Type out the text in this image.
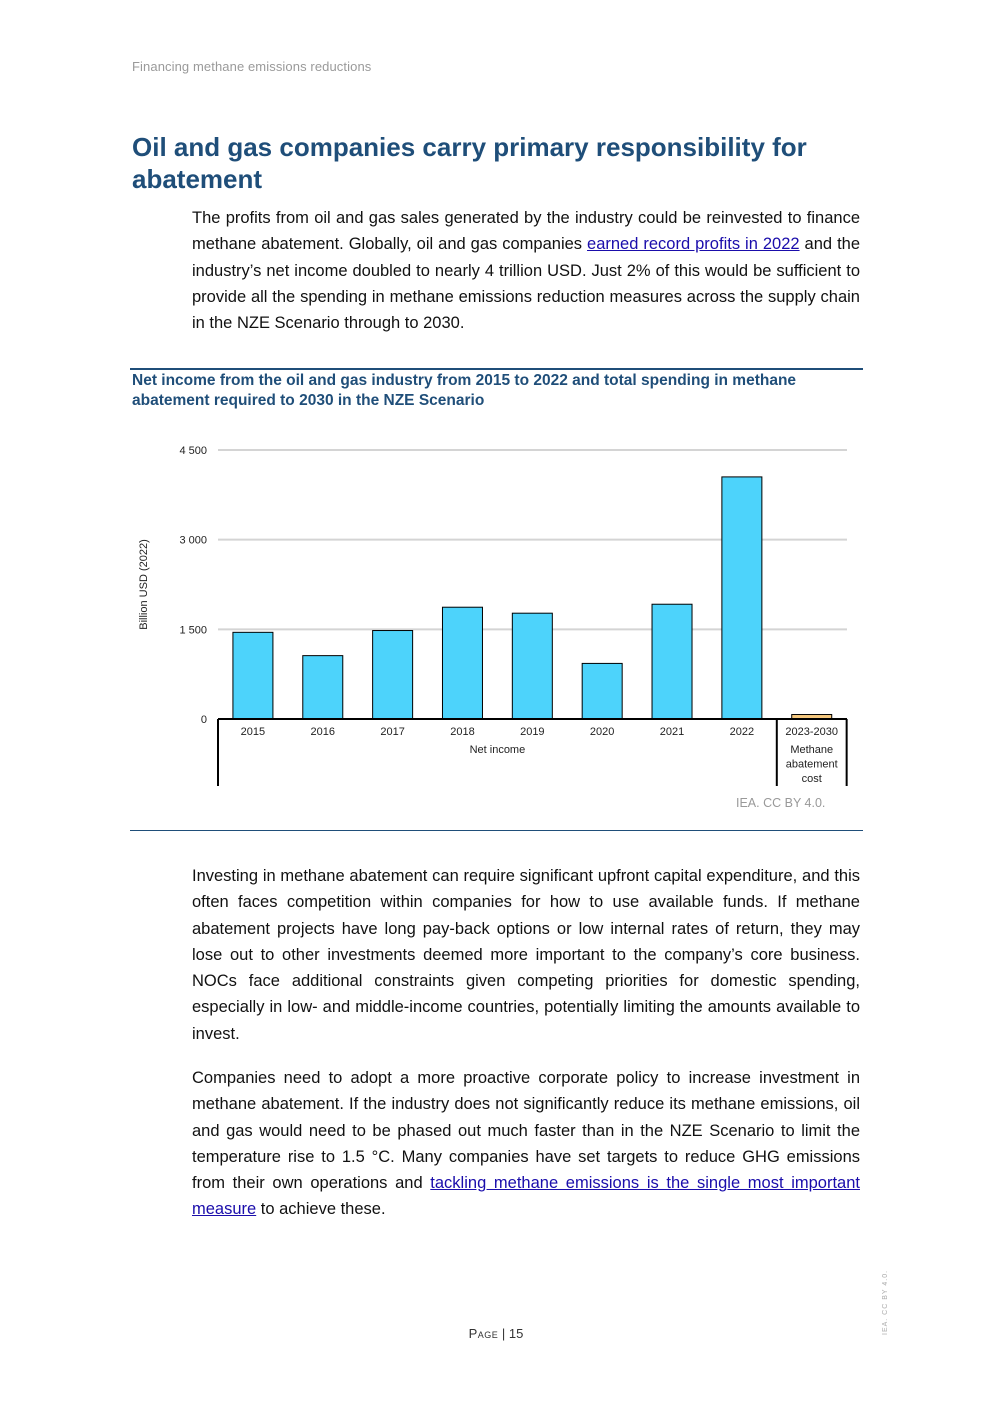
Financing methane emissions reductions
Oil and gas companies carry primary responsibility for abatement

The profits from oil and gas sales generated by the industry could be reinvested to finance methane abatement. Globally, oil and gas companies earned record profits in 2022 and the industry’s net income doubled to nearly 4 trillion USD. Just 2% of this would be sufficient to provide all the spending in methane emissions reduction measures across the supply chain in the NZE Scenario through to 2030.

Net income from the oil and gas industry from 2015 to 2022 and total spending in methane abatement required to 2030 in the NZE Scenario
0
1 500
3 000
4 500
Billion USD (2022)
2015	2016	2017	2018	2019	2020	2021	2022	2023-2030
Net income	Methane
abatement
cost
IEA. CC BY 4.0.

Investing in methane abatement can require significant upfront capital expenditure, and this often faces competition within companies for how to use available funds. If methane abatement projects have long pay-back options or low internal rates of return, they may lose out to other investments deemed more important to the company’s core business. NOCs face additional constraints given competing priorities for domestic spending, especially in low- and middle-income countries, potentially limiting the amounts available to invest.

Companies need to adopt a more proactive corporate policy to increase investment in methane abatement. If the industry does not significantly reduce its methane emissions, oil and gas would need to be phased out much faster than in the NZE Scenario to limit the temperature rise to 1.5 °C. Many companies have set targets to reduce GHG emissions from their own operations and tackling methane emissions is the single most important measure to achieve these.

Page | 15	IEA. CC BY 4.0.
